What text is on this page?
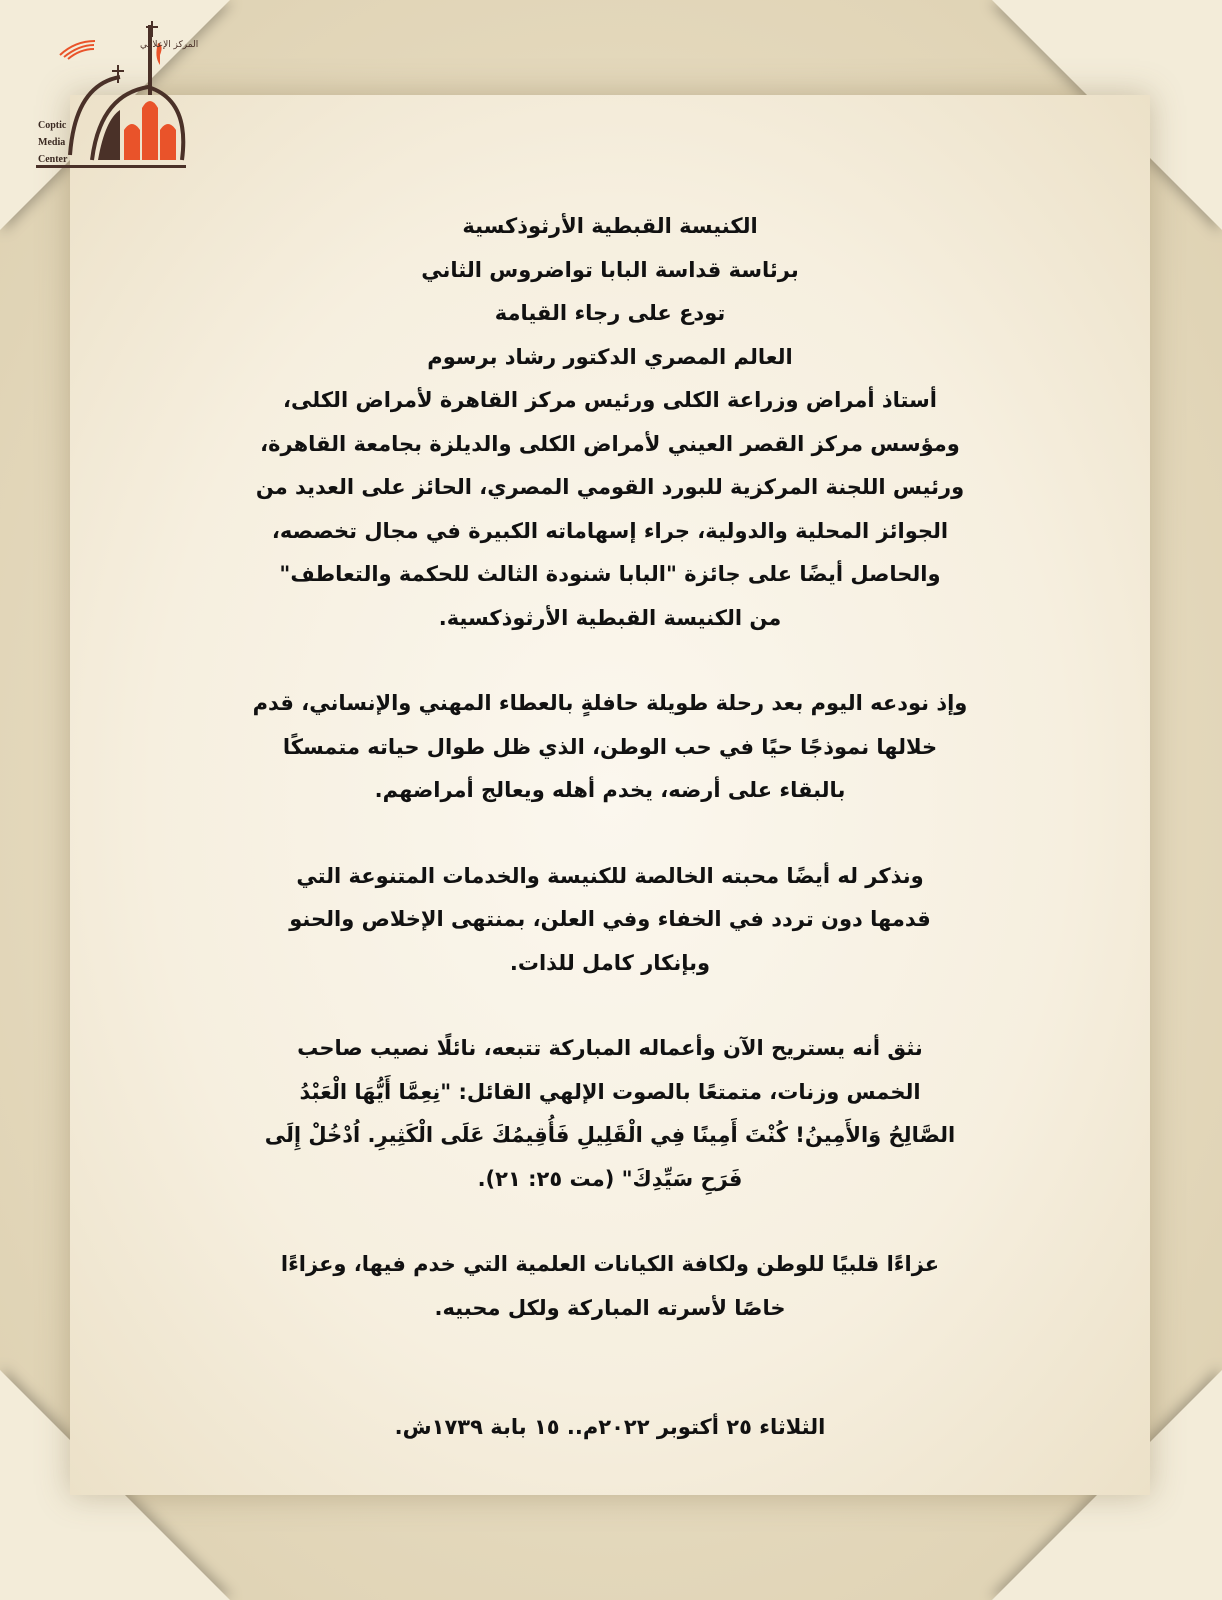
المركز الإعلامي
Coptic
Media
Center
الكنيسة القبطية الأرثوذكسية
برئاسة قداسة البابا تواضروس الثاني
تودع على رجاء القيامة
العالم المصري الدكتور رشاد برسوم
أستاذ أمراض وزراعة الكلى ورئيس مركز القاهرة لأمراض الكلى،
ومؤسس مركز القصر العيني لأمراض الكلى والديلزة بجامعة القاهرة،
ورئيس اللجنة المركزية للبورد القومي المصري، الحائز على العديد من
الجوائز المحلية والدولية، جراء إسهاماته الكبيرة في مجال تخصصه،
والحاصل أيضًا على جائزة "البابا شنودة الثالث للحكمة والتعاطف"
من الكنيسة القبطية الأرثوذكسية.
وإذ نودعه اليوم بعد رحلة طويلة حافلةٍ بالعطاء المهني والإنساني، قدم
خلالها نموذجًا حيًا في حب الوطن، الذي ظل طوال حياته متمسكًا
بالبقاء على أرضه، يخدم أهله ويعالج أمراضهم.
ونذكر له أيضًا محبته الخالصة للكنيسة والخدمات المتنوعة التي
قدمها دون تردد في الخفاء وفي العلن، بمنتهى الإخلاص والحنو
وبإنكار كامل للذات.
نثق أنه يستريح الآن وأعماله المباركة تتبعه، نائلًا نصيب صاحب
الخمس وزنات، متمتعًا بالصوت الإلهي القائل: "نِعِمَّا أَيُّهَا الْعَبْدُ
الصَّالِحُ وَالأَمِينُ! كُنْتَ أَمِينًا فِي الْقَلِيلِ فَأُقِيمُكَ عَلَى الْكَثِيرِ. اُدْخُلْ إِلَى
فَرَحِ سَيِّدِكَ" (مت ٢٥: ٢١).
عزاءًا قلبيًا للوطن ولكافة الكيانات العلمية التي خدم فيها، وعزاءًا
خاصًا لأسرته المباركة ولكل محبيه.
الثلاثاء ٢٥ أكتوبر ٢٠٢٢م.. ١٥ بابة ١٧٣٩ش.
